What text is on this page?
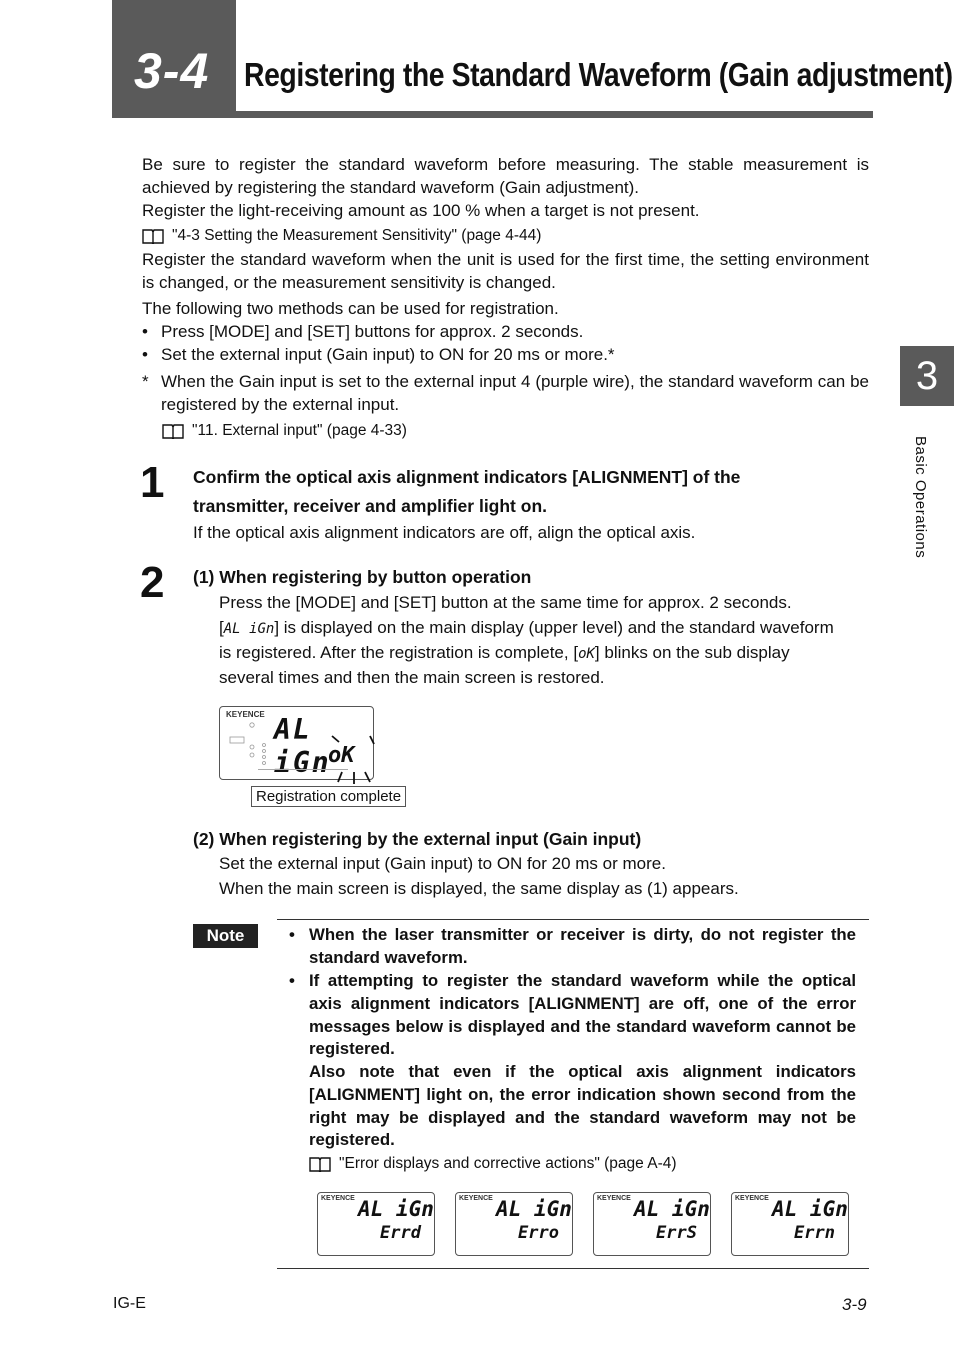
3-4 Registering the Standard Waveform (Gain adjustment)
3
Basic Operations
Be sure to register the standard waveform before measuring. The stable measurement is achieved by registering the standard waveform (Gain adjustment).
Register the light-receiving amount as 100 % when a target is not present.
"4-3 Setting the Measurement Sensitivity" (page 4-44)
Register the standard waveform when the unit is used for the first time, the setting environment is changed, or the measurement sensitivity is changed.
The following two methods can be used for registration.
• Press [MODE] and [SET] buttons for approx. 2 seconds.
• Set the external input (Gain input) to ON for 20 ms or more.*
* When the Gain input is set to the external input 4 (purple wire), the standard waveform can be registered by the external input.
"11. External input" (page 4-33)
1 Confirm the optical axis alignment indicators [ALIGNMENT] of the
transmitter, receiver and amplifier light on.
If the optical axis alignment indicators are off, align the optical axis.
2 (1) When registering by button operation
Press the [MODE] and [SET] button at the same time for approx. 2 seconds.
[AL iGn] is displayed on the main display (upper level) and the standard waveform
is registered. After the registration is complete, [oK] blinks on the sub display
several times and then the main screen is restored.
KEYENCE AL iGn
oK
Registration complete
(2) When registering by the external input (Gain input)
Set the external input (Gain input) to ON for 20 ms or more.
When the main screen is displayed, the same display as (1) appears.
Note	• When the laser transmitter or receiver is dirty, do not register the standard waveform.
• If attempting to register the standard waveform while the optical axis alignment indicators [ALIGNMENT] are off, one of the error messages below is displayed and the standard waveform cannot be registered.
Also note that even if the optical axis alignment indicators [ALIGNMENT] light on, the error indication shown second from the right may be displayed and the standard waveform may not be registered.
"Error displays and corrective actions" (page A-4)
KEYENCE AL iGn
Errd
KEYENCE AL iGn
Erro
KEYENCE AL iGn
ErrS
KEYENCE AL iGn
Errn
IG-E	3-9
